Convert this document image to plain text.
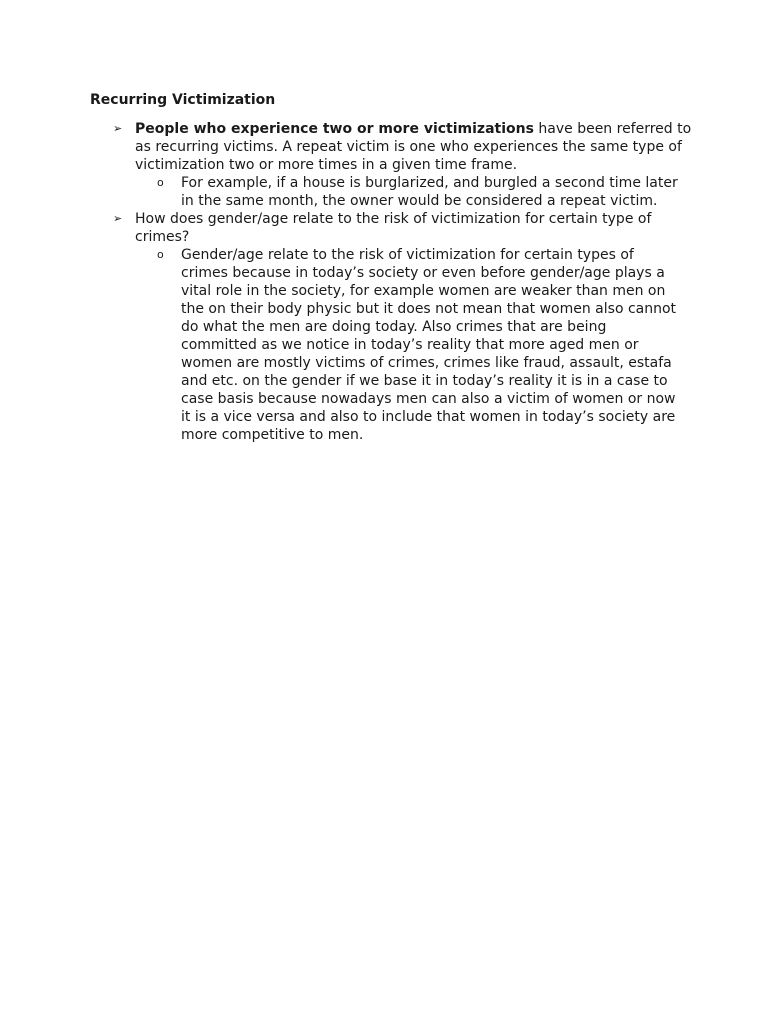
Recurring Victimization
➢ People who experience two or more victimizations have been referred to as recurring victims. A repeat victim is one who experiences the same type of victimization two or more times in a given time frame.
o For example, if a house is burglarized, and burgled a second time later in the same month, the owner would be considered a repeat victim.
➢ How does gender/age relate to the risk of victimization for certain type of crimes?
o Gender/age relate to the risk of victimization for certain types of crimes because in today’s society or even before gender/age plays a vital role in the society, for example women are weaker than men on the on their body physic but it does not mean that women also cannot do what the men are doing today. Also crimes that are being committed as we notice in today’s reality that more aged men or women are mostly victims of crimes, crimes like fraud, assault, estafa and etc. on the gender if we base it in today’s reality it is in a case to case basis because nowadays men can also a victim of women or now it is a vice versa and also to include that women in today’s society are more competitive to men.
